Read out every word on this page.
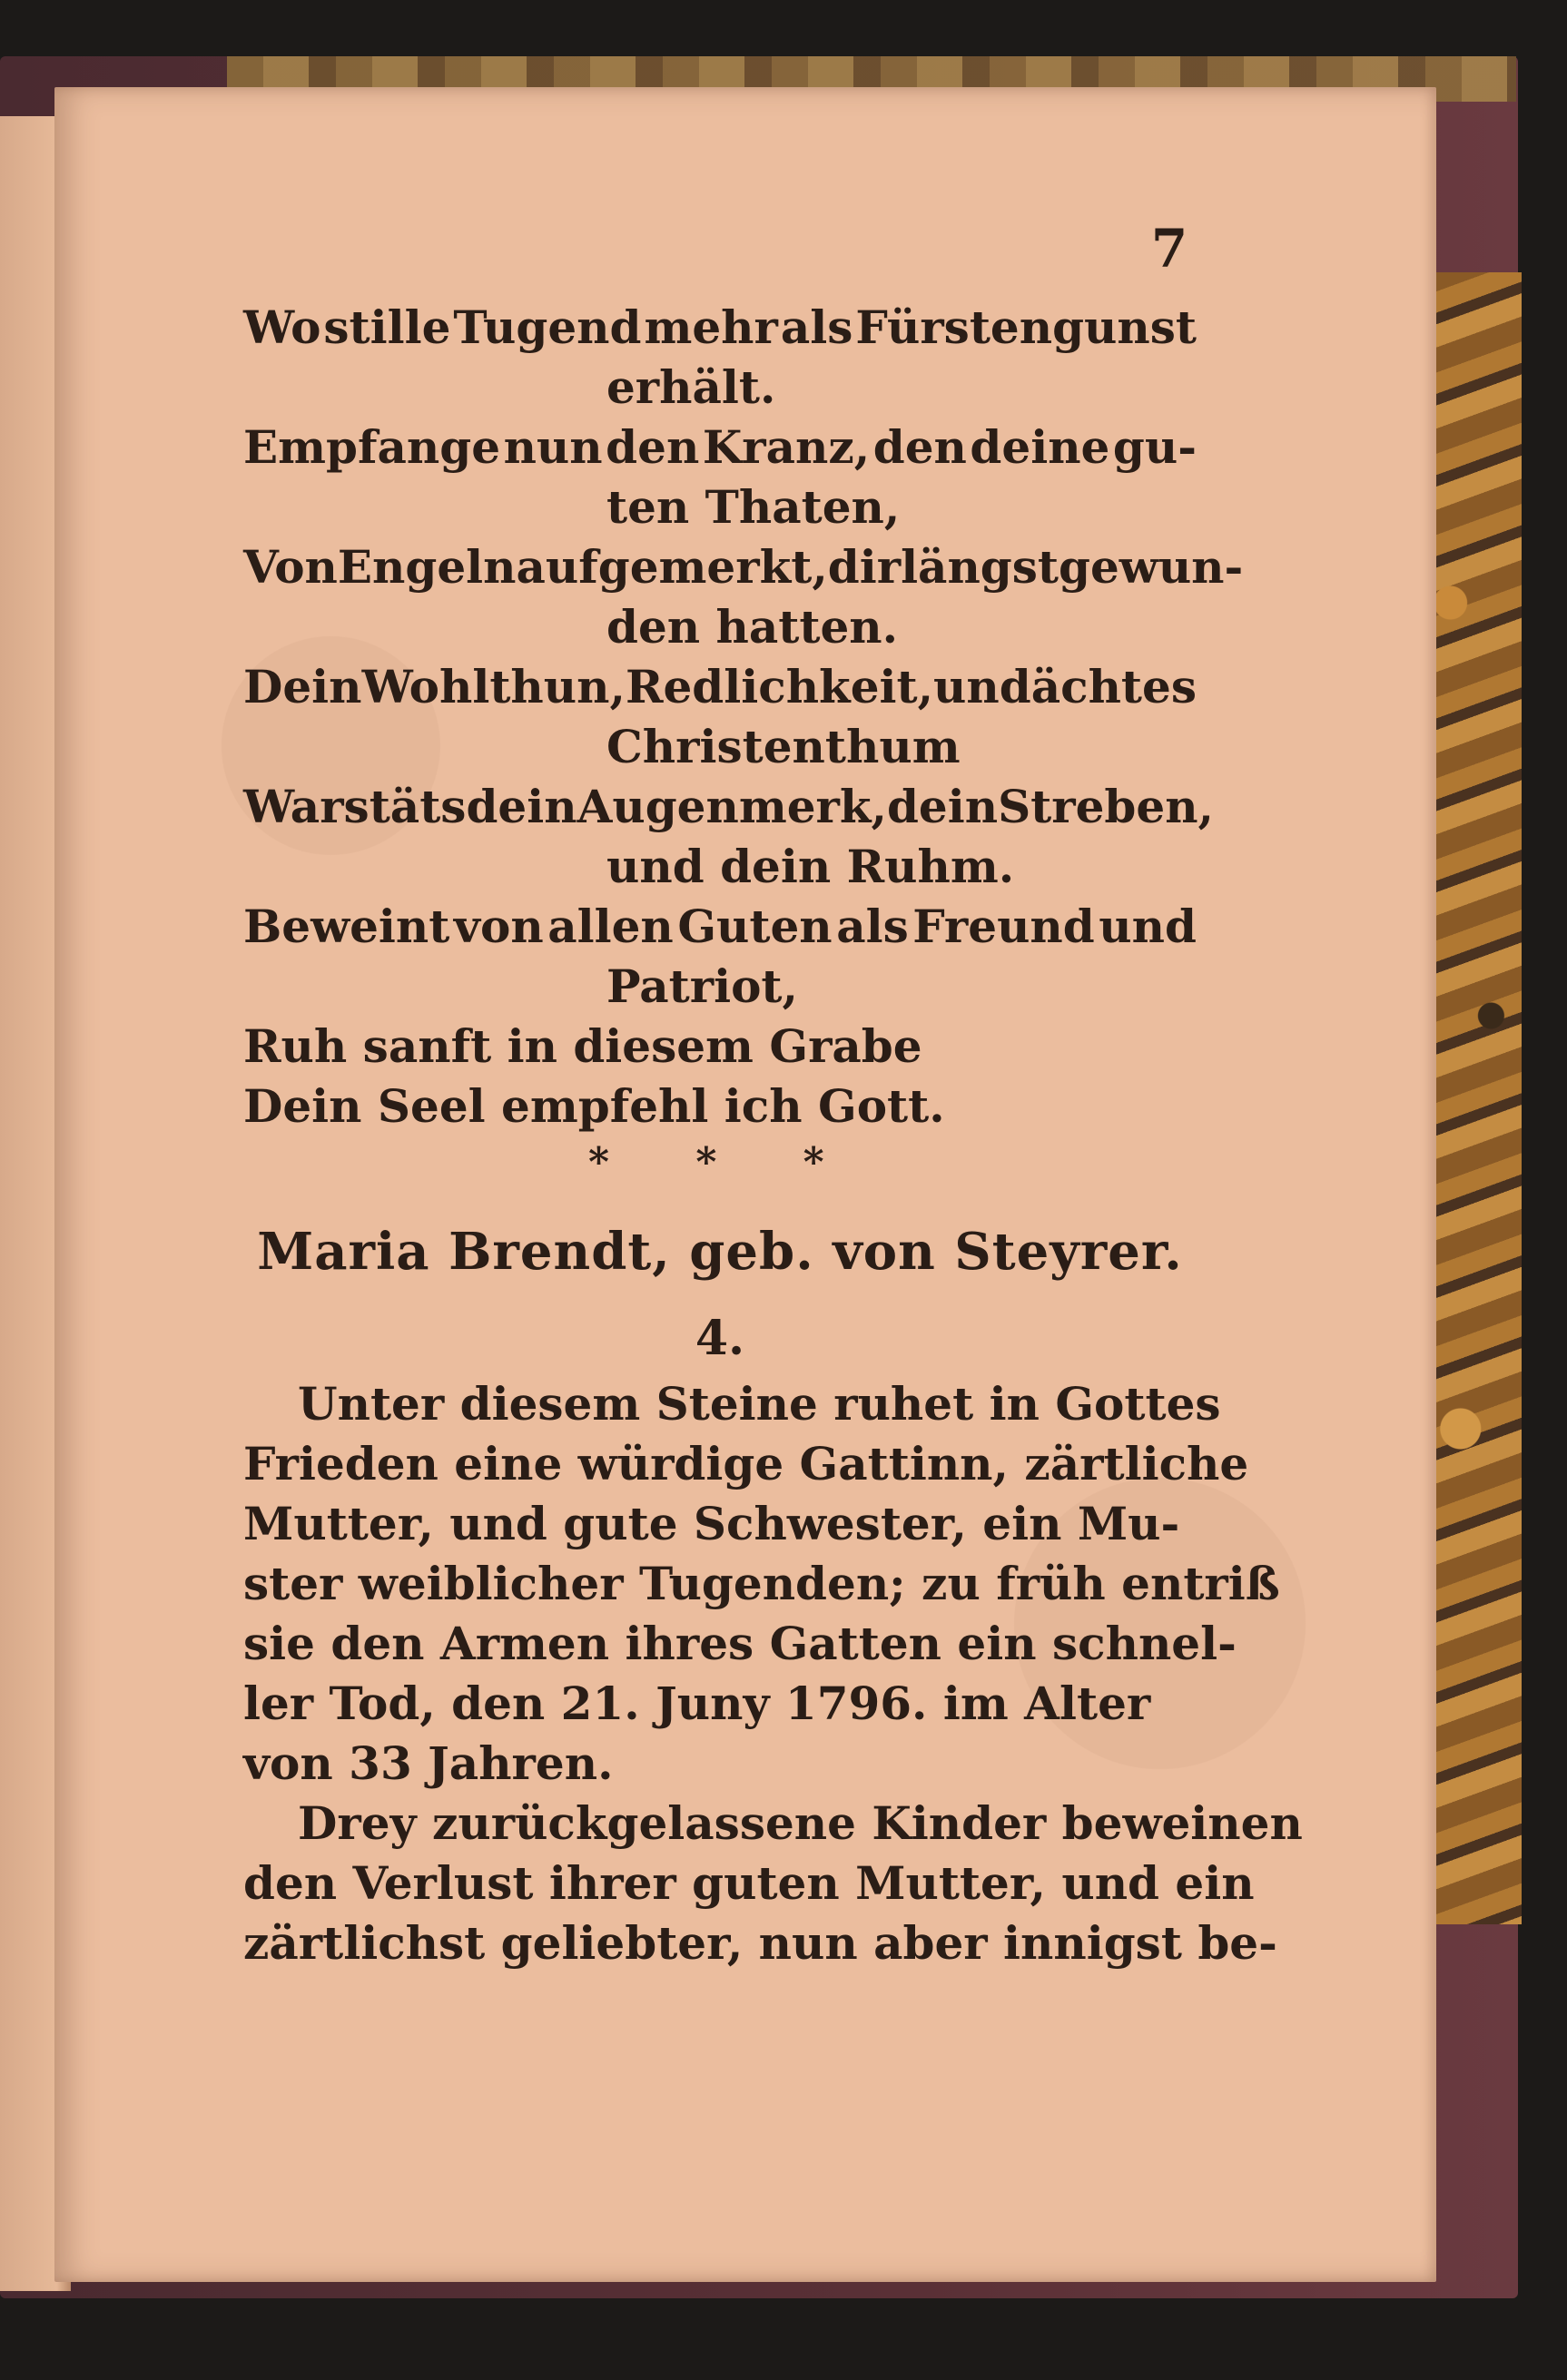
7
Wo stille Tugend mehr als Fürstengunst
erhält.
Empfange nun den Kranz, den deine gu-
ten Thaten,
Von Engeln aufgemerkt, dir längst gewun-
den hatten.
Dein Wohlthun, Redlichkeit, und ächtes
Christenthum
War stäts dein Augenmerk, dein Streben,
und dein Ruhm.
Beweint von allen Guten als Freund und
Patriot,
Ruh sanft in diesem Grabe
Dein Seel empfehl ich Gott.
* * *
Maria Brendt, geb. von Steyrer.
4.
Unter diesem Steine ruhet in Gottes
Frieden eine würdige Gattinn, zärtliche
Mutter, und gute Schwester, ein Mu-
ster weiblicher Tugenden; zu früh entriß
sie den Armen ihres Gatten ein schnel-
ler Tod, den 21. Juny 1796. im Alter
von 33 Jahren.
Drey zurückgelassene Kinder beweinen
den Verlust ihrer guten Mutter, und ein
zärtlichst geliebter, nun aber innigst be-
